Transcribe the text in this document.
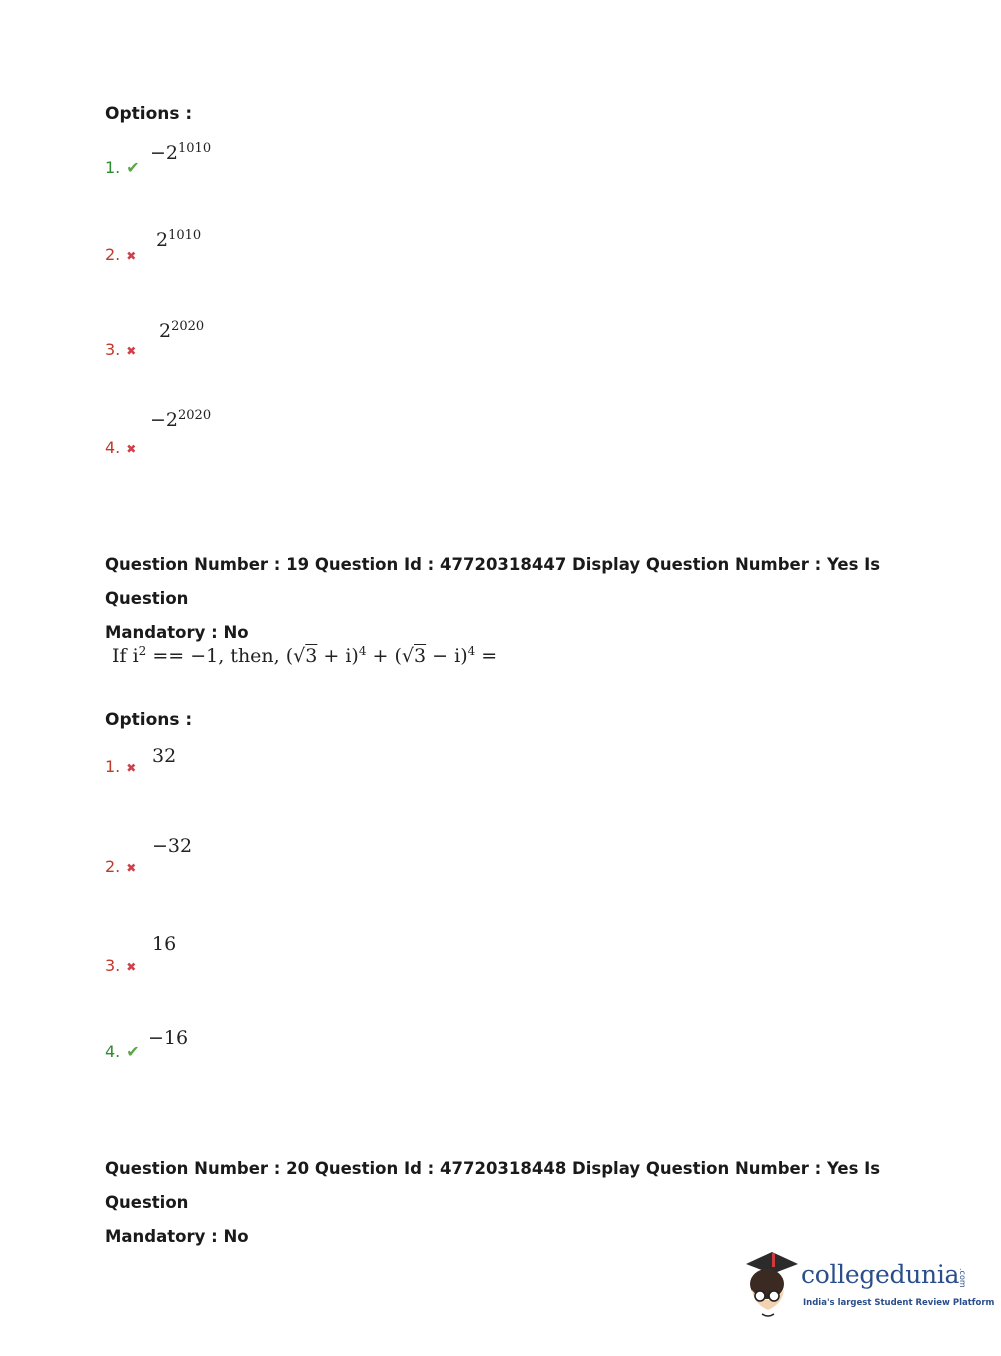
Options :
1. ✔
$-2^{1010}$
2. ✖
$2^{1010}$
3. ✖
$2^{2020}$
4. ✖
$-2^{2020}$
Question Number : 19 Question Id : 47720318447 Display Question Number : Yes Is Question
Mandatory : No
If $i^2 == -1$, then, $(√3 + i)^4 + (√3 - i)^4$ =
Options :
1. ✖
32
2. ✖
−32
3. ✖
16
4. ✔
−16
Question Number : 20 Question Id : 47720318448 Display Question Number : Yes Is Question
Mandatory : No
collegedunia
.com
India's largest Student Review Platform
